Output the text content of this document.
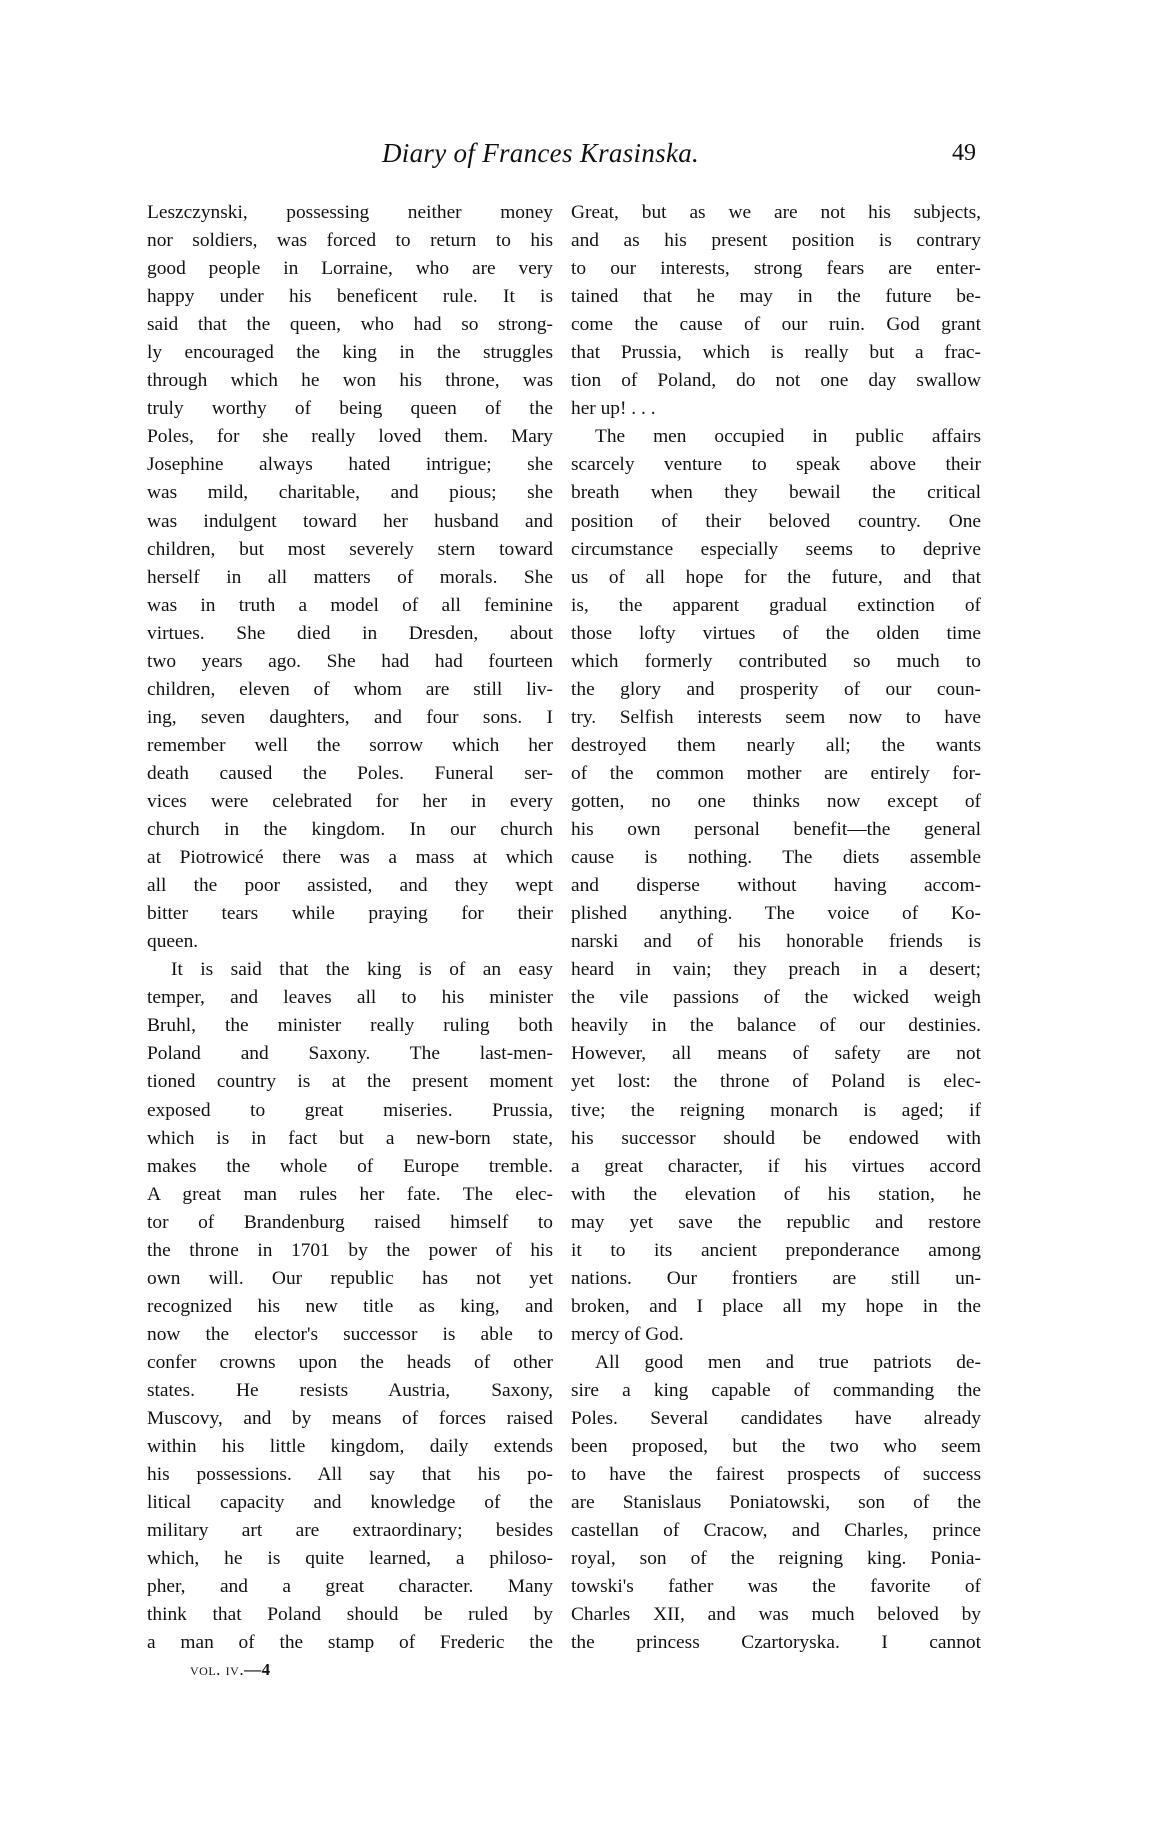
Diary of Frances Krasinska.	49
Leszczynski, possessing neither money
nor soldiers, was forced to return to his
good people in Lorraine, who are very
happy under his beneficent rule. It is
said that the queen, who had so strong-
ly encouraged the king in the struggles
through which he won his throne, was
truly worthy of being queen of the
Poles, for she really loved them. Mary
Josephine always hated intrigue; she
was mild, charitable, and pious; she
was indulgent toward her husband and
children, but most severely stern toward
herself in all matters of morals. She
was in truth a model of all feminine
virtues. She died in Dresden, about
two years ago. She had had fourteen
children, eleven of whom are still liv-
ing, seven daughters, and four sons. I
remember well the sorrow which her
death caused the Poles. Funeral ser-
vices were celebrated for her in every
church in the kingdom. In our church
at Piotrowicé there was a mass at which
all the poor assisted, and they wept
bitter tears while praying for their
queen.
It is said that the king is of an easy
temper, and leaves all to his minister
Bruhl, the minister really ruling both
Poland and Saxony. The last-men-
tioned country is at the present moment
exposed to great miseries. Prussia,
which is in fact but a new-born state,
makes the whole of Europe tremble.
A great man rules her fate. The elec-
tor of Brandenburg raised himself to
the throne in 1701 by the power of his
own will. Our republic has not yet
recognized his new title as king, and
now the elector's successor is able to
confer crowns upon the heads of other
states. He resists Austria, Saxony,
Muscovy, and by means of forces raised
within his little kingdom, daily extends
his possessions. All say that his po-
litical capacity and knowledge of the
military art are extraordinary; besides
which, he is quite learned, a philoso-
pher, and a great character. Many
think that Poland should be ruled by
a man of the stamp of Frederic the
Great, but as we are not his subjects,
and as his present position is contrary
to our interests, strong fears are enter-
tained that he may in the future be-
come the cause of our ruin. God grant
that Prussia, which is really but a frac-
tion of Poland, do not one day swallow
her up! . . .
The men occupied in public affairs
scarcely venture to speak above their
breath when they bewail the critical
position of their beloved country. One
circumstance especially seems to deprive
us of all hope for the future, and that
is, the apparent gradual extinction of
those lofty virtues of the olden time
which formerly contributed so much to
the glory and prosperity of our coun-
try. Selfish interests seem now to have
destroyed them nearly all; the wants
of the common mother are entirely for-
gotten, no one thinks now except of
his own personal benefit—the general
cause is nothing. The diets assemble
and disperse without having accom-
plished anything. The voice of Ko-
narski and of his honorable friends is
heard in vain; they preach in a desert;
the vile passions of the wicked weigh
heavily in the balance of our destinies.
However, all means of safety are not
yet lost: the throne of Poland is elec-
tive; the reigning monarch is aged; if
his successor should be endowed with
a great character, if his virtues accord
with the elevation of his station, he
may yet save the republic and restore
it to its ancient preponderance among
nations. Our frontiers are still un-
broken, and I place all my hope in the
mercy of God.
All good men and true patriots de-
sire a king capable of commanding the
Poles. Several candidates have already
been proposed, but the two who seem
to have the fairest prospects of success
are Stanislaus Poniatowski, son of the
castellan of Cracow, and Charles, prince
royal, son of the reigning king. Ponia-
towski's father was the favorite of
Charles XII, and was much beloved by
the princess Czartoryska. I cannot
vol. iv.—4
